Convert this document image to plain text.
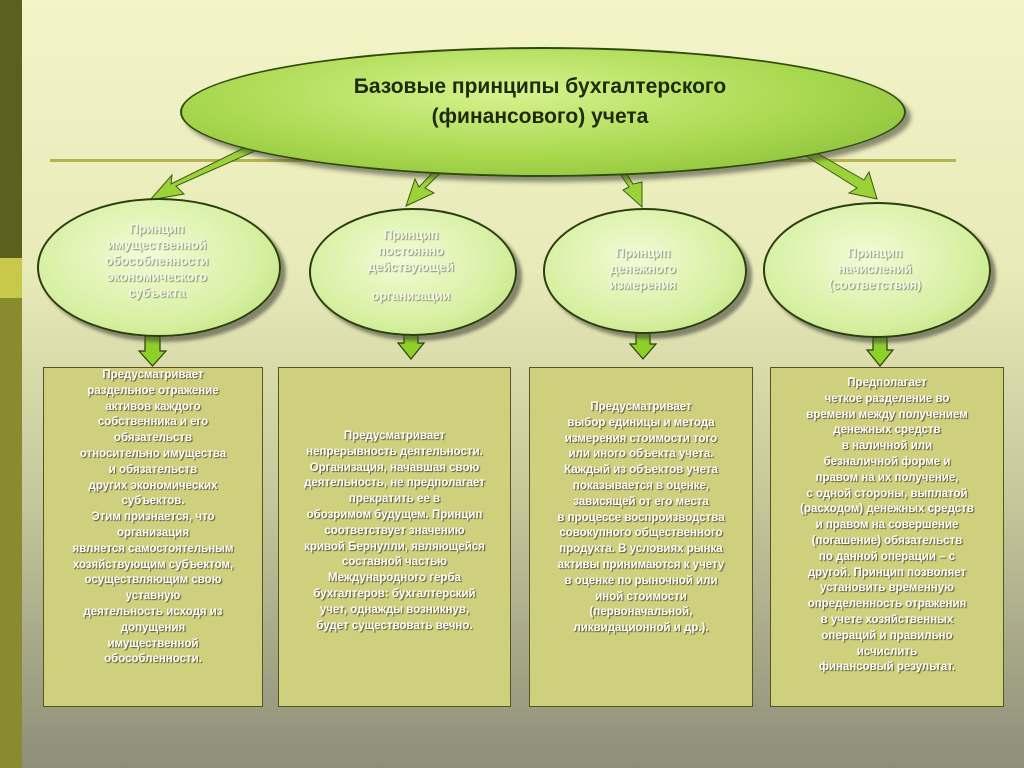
Базовые принципы бухгалтерского
(финансового) учета
Принцип
имущественной
обособленности
экономического
субъекта
Принцип
постоянно
действующей
организации
Принцип
денежного
измерения
Принцип
начислений
(соответствия)
Предусматривает
раздельное отражение
активов каждого
собственника и его
обязательств
относительно имущества
и обязательств
других экономических
субъектов.
Этим признается, что
организация
является самостоятельным
хозяйствующим субъектом,
осуществляющим свою
уставную
деятельность исходя из
допущения
имущественной
обособленности.
Предусматривает
непрерывность деятельности.
Организация, начавшая свою
деятельность, не предполагает
прекратить ее в
обозримом будущем. Принцип
соответствует значению
кривой Бернулли, являющейся
составной частью
Международного герба
бухгалтеров: бухгалтерский
учет, однажды возникнув,
будет существовать вечно.
Предусматривает
выбор единицы и метода
измерения стоимости того
или иного объекта учета.
Каждый из объектов учета
показывается в оценке,
зависящей от его места
в процессе воспроизводства
совокупного общественного
продукта. В условиях рынка
активы принимаются к учету
в оценке по рыночной или
иной стоимости
(первоначальной,
ликвидационной и др.).
Предполагает
четкое разделение во
времени между получением
денежных средств
в наличной или
безналичной форме и
правом на их получение,
с одной стороны, выплатой
(расходом) денежных средств
и правом на совершение
(погашение) обязательств
по данной операции – с
другой. Принцип позволяет
установить временную
определенность отражения
в учете хозяйственных
операций и правильно
исчислить
финансовый результат.
